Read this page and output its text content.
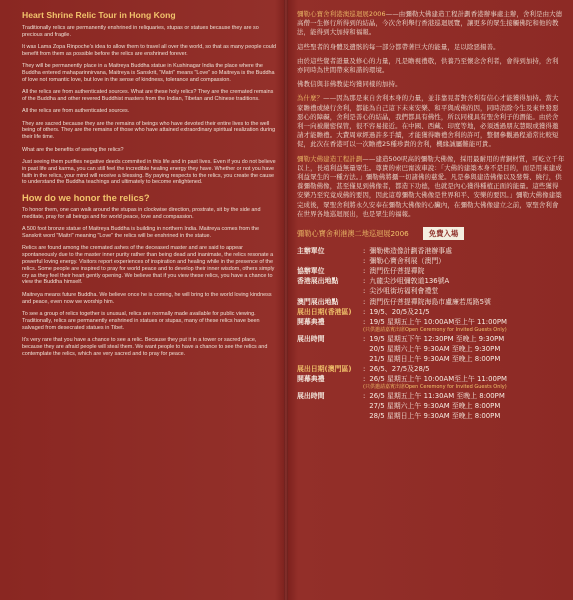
Heart Shrine Relic Tour in Hong Kong

Traditionally relics are permanently enshrined in reliquaries, stupas or statues because they are so precious and fragile.

It was Lama Zopa Rinpoche's idea to allow them to travel all over the world, so that as many people could benefit from them as possible before the relics are enshrined forever.

They will be permanently place in a Maitreya Buddha statue in Kushinagar India the place where the Buddha entered mahaparinnirvana, Maitreya is Sanskrit, "Matri" means "Love" so Maitreya is the Buddha of love not romantic love, but love in the sense of kindness, tolerance and compassion.

All the relics are from authenticated sources. What are these holy relics? They are the cremated remains of the Buddha and other revered Buddhist masters from the Indian, Tibetan and Chinese traditions.

All the relics are from authenticated sources.

They are sacred because they are the remains of beings who have devoted their entire lives to the well being of others. They are the remains of those who have attained extraordinary spiritual realization during their life time.

What are the benefits of seeing the relics?

Just seeing them purifies negative deeds commited in this life and in past lives. Even if you do not believe in past life and karma, you can still feel the incredible healing energy they have. Whether or not you have faith in the relics, your mind will receive a blessing. By paying respects to the relics, you create the cause to understand the Buddha teachings and ultimately to become enlightened.

How do we honor the relics?

To honor them, one can walk around the stupas in clockwise direction, prostrate, sit by the side and meditate, pray for all beings and for world peace, love and compassion.

A 500 foot bronze statue of Maitreya Buddha is building in northern India. Maitreya comes from the Sanskrit word "Maitri" meaning "Love" the relics will be enshrined in the statue.

Relics are found among the cremated ashes of the deceased master and are said to appear spontaneously due to the master inner purity rather than being dead and inanimate, the relics resonate a powerful loving energy. Visitors report experiences of inspiration and healing while in the presence of the relics. Some people are inspired to pray for world peace and to develop their inner wisdom, others simply cry as they feel their heart gently opening. We believe that if you view these relics, you have a chance to view the Buddha himself.

Maitreya means future Buddha. We believe once he is coming, he will bring to the world loving kindness and peace, even now we worship him.

To see a group of relics together is unusual, relics are normally made available for public viewing. Traditionally, relics are permanently enshrined in statues or stupas, many of these relics have been salvaged from desecrated statues in Tibet.

It's very rare that you have a chance to see a relic. Because they put it in a tower or sacred place, because they are afraid people will steal them. We want people to have a chance to see the relics and contemplate the relics, which are very sacred and to pray for peace.

彌勒心寶舍利港澳巡迴展2006——由彌勒大佛建造工程計劃香港辦事處主辦，舍利是由大德高僧一生修行所得到的結晶，今次舍利舉行香港巡迴展覽，讓更多的眾生接觸佛陀和他的教法，能得到大加持和福報。

這些聖者的身體及遺骸的每一部分都帶著巨大的能量，足以除惡揚善。

由於這些覺者證量及修心的力量，凡是瞻視禮敬，供養乃至懷念舍利者，會得到加持，舍利亦同時為世間帶來和諧的環境。

佛教信與非佛教徒均獲同樣的加持。

為什麼？——因為那是來自舍利本身的力量，並非靠見者對舍利有信心才能獲得加持。當大家瞻禮或繞行舍利，都能為自己這下未來安樂、和平與成佛的因，同時消除今生及來世發惡惡心的障礙，舍利是善心的結晶，我們都具有佛性，所以同樣具有聖舍利子的潛能。由於舍利一向被嚴密保管，很不容易接近。在中國、西藏、印度等地，必須透過朋友慧眼或獲得邀請才能瞻禮。大費周章經過許多手續，才能獲得瞻禮舍利的許可，整個參觀過程通常比較短促，此次在香港可以一次瞻禮25種珍貴的舍利，機緣誠屬難能可貴。

彌勒大佛建造工程計劃——建造500呎高的彌勒大佛像，採用最耐用的青銅材質，可屹立千年以上，長遠利益無量眾生。尊貴的索巴甯波車說：「大佛的建築本身不是目的，而是用來建成利益眾生的一種方法。」彌勒佛將攝一切諸佛的慈愛。凡是參與建造佛像以及發聲、繞行，供養彌勒佛像，甚至僅見到佛像者，都造下功德，也就是內心獲得種植正面的能量。這些獲得安樂乃至究竟成佛的要因，因此這尊彌勒大佛像是世界和平、安樂的要因。」彌勒大佛像建築完成後，眾聖舍利將永久安奉在彌勒大佛像的心臟內，在彌勒大佛像建立之前，眾聖舍利會在世界各地巡迴展出，也是眾生的福報。

彌勒心寶舍利港澳二地巡迴展2006	免費入場
主辦單位	: 彌勒佛造像計劃香港辦事處
: 彌勒心寶舍利展（澳門）
協辦單位	: 澳門佐仔菩提禪院
香港展出地點	: 九龍尖沙咀彌敦道136號A
: 尖沙咀街坊福利會禮堂
澳門展出地點	: 澳門佐仔菩提禪院海島市盧廉若馬路5號
展出日期(香港區)	: 19/5、20/5及21/5
開幕典禮	: 19/5 星期五上午 10:00AM至上午 11:00PM
(只供邀請嘉賓出席Open Ceremony for Invited Guests Only)
展出時間	: 19/5 星期五下午 12:30PM 至晚上 9:30PM
20/5 星期六上午 9:30AM 至晚上 9:30PM
21/5 星期日上午 9:30AM 至晚上 8:00PM
展出日期(澳門區)	: 26/5、27/5及28/5
開幕典禮	: 26/5 星期五上午 10:00AM至上午 11:00PM
(只供邀請嘉賓出席Open Ceremony for Invited Guests Only)
展出時間	: 26/5 星期五上午 11:30AM 至晚上 8:00PM
27/5 星期六上午 9:30AM 至晚上 8:00PM
28/5 星期日上午 9:30AM 至晚上 8:00PM
